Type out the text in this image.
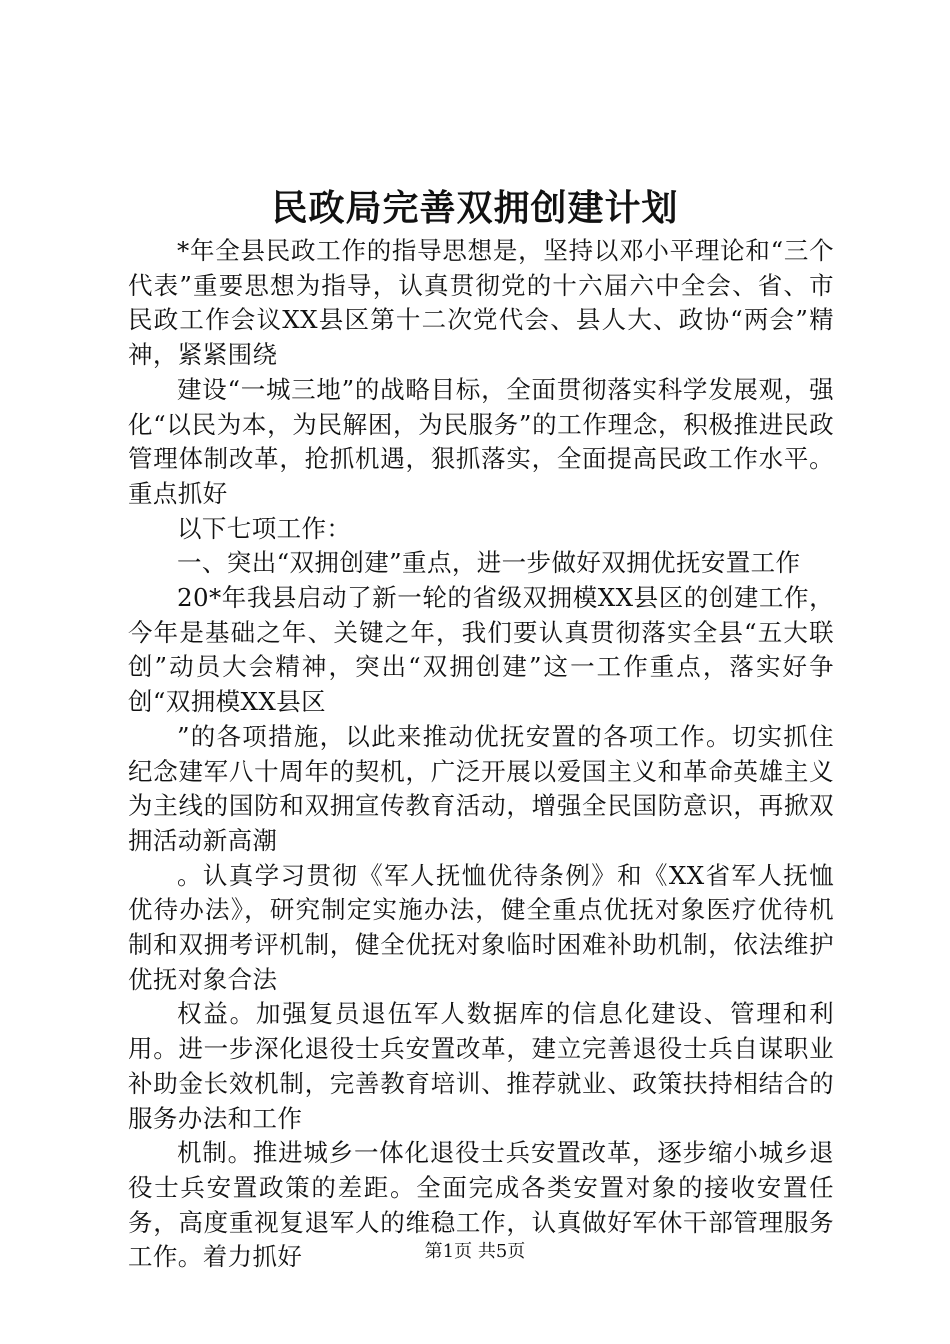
民政局完善双拥创建计划

*年全县民政工作的指导思想是，坚持以邓小平理论和“三个代表”重要思想为指导，认真贯彻党的十六届六中全会、省、市民政工作会议XX县区第十二次党代会、县人大、政协“两会”精神，紧紧围绕

建设“一城三地”的战略目标，全面贯彻落实科学发展观，强化“以民为本，为民解困，为民服务”的工作理念，积极推进民政管理体制改革，抢抓机遇，狠抓落实，全面提高民政工作水平。重点抓好

以下七项工作：

一、突出“双拥创建”重点，进一步做好双拥优抚安置工作

20*年我县启动了新一轮的省级双拥模XX县区的创建工作，今年是基础之年、关键之年，我们要认真贯彻落实全县“五大联创”动员大会精神，突出“双拥创建”这一工作重点，落实好争创“双拥模XX县区

”的各项措施，以此来推动优抚安置的各项工作。切实抓住纪念建军八十周年的契机，广泛开展以爱国主义和革命英雄主义为主线的国防和双拥宣传教育活动，增强全民国防意识，再掀双拥活动新高潮

。认真学习贯彻《军人抚恤优待条例》和《XX省军人抚恤优待办法》，研究制定实施办法，健全重点优抚对象医疗优待机制和双拥考评机制，健全优抚对象临时困难补助机制，依法维护优抚对象合法

权益。加强复员退伍军人数据库的信息化建设、管理和利用。进一步深化退役士兵安置改革，建立完善退役士兵自谋职业补助金长效机制，完善教育培训、推荐就业、政策扶持相结合的服务办法和工作

机制。推进城乡一体化退役士兵安置改革，逐步缩小城乡退役士兵安置政策的差距。全面完成各类安置对象的接收安置任务，高度重视复退军人的维稳工作，认真做好军休干部管理服务工作。着力抓好	第1页 共5页
